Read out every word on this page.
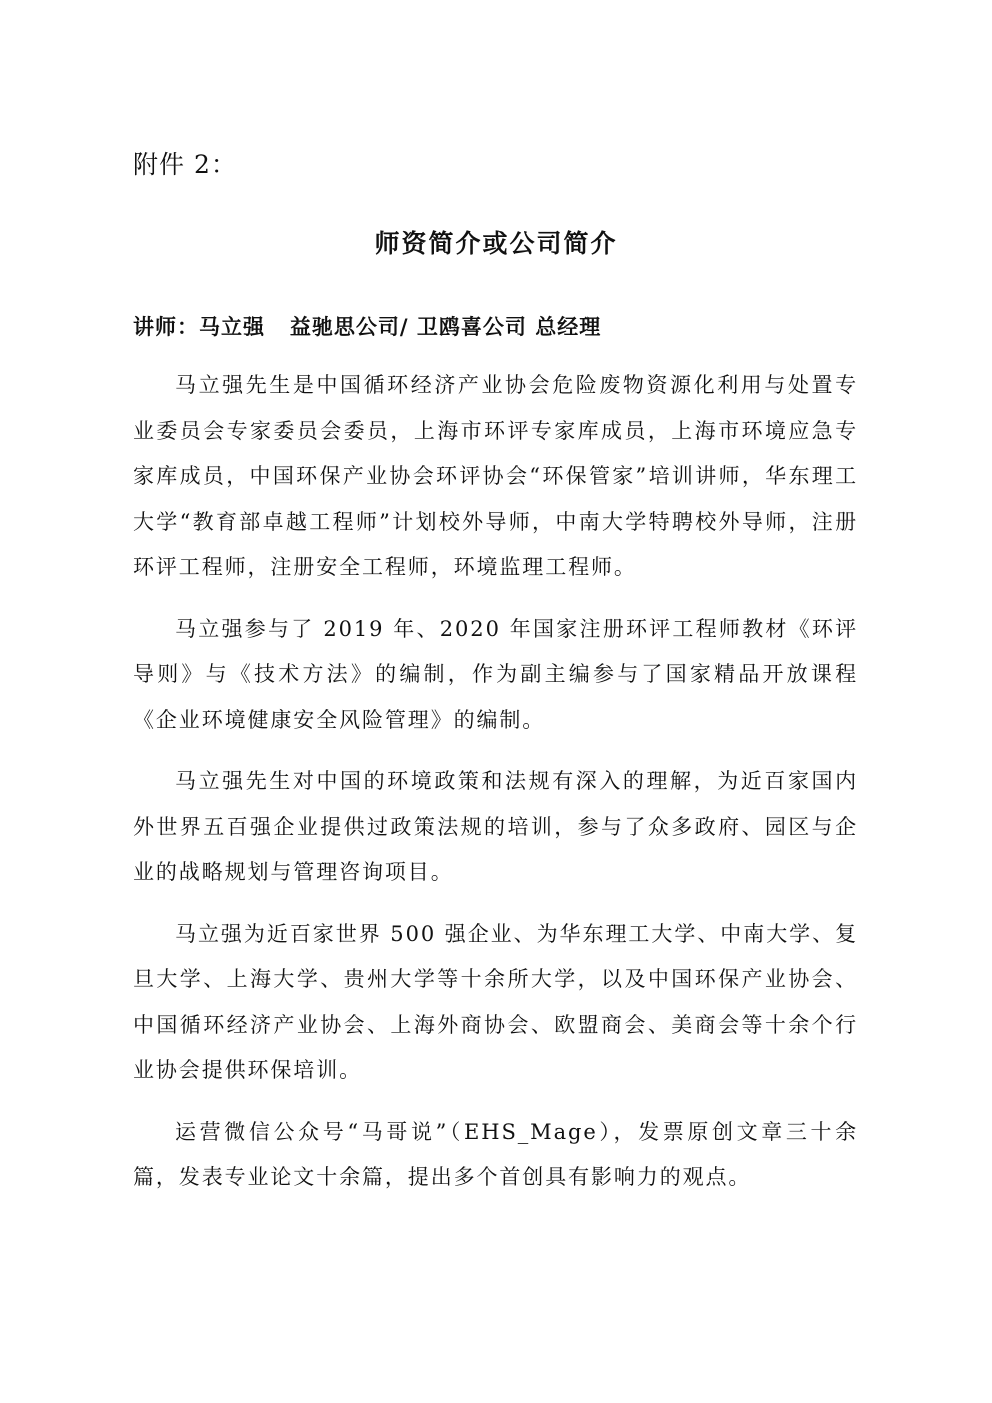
附件 2：
师资简介或公司简介
讲师：马立强   益驰思公司/ 卫鸥喜公司 总经理

马立强先生是中国循环经济产业协会危险废物资源化利用与处置专业委员会专家委员会委员，上海市环评专家库成员，上海市环境应急专家库成员，中国环保产业协会环评协会“环保管家”培训讲师，华东理工大学“教育部卓越工程师”计划校外导师，中南大学特聘校外导师，注册环评工程师，注册安全工程师，环境监理工程师。

马立强参与了 2019 年、2020 年国家注册环评工程师教材《环评导则》与《技术方法》的编制，作为副主编参与了国家精品开放课程《企业环境健康安全风险管理》的编制。

马立强先生对中国的环境政策和法规有深入的理解，为近百家国内外世界五百强企业提供过政策法规的培训，参与了众多政府、园区与企业的战略规划与管理咨询项目。

马立强为近百家世界 500 强企业、为华东理工大学、中南大学、复旦大学、上海大学、贵州大学等十余所大学，以及中国环保产业协会、中国循环经济产业协会、上海外商协会、欧盟商会、美商会等十余个行业协会提供环保培训。

运营微信公众号“马哥说”（EHS_Mage），发票原创文章三十余篇，发表专业论文十余篇，提出多个首创具有影响力的观点。
